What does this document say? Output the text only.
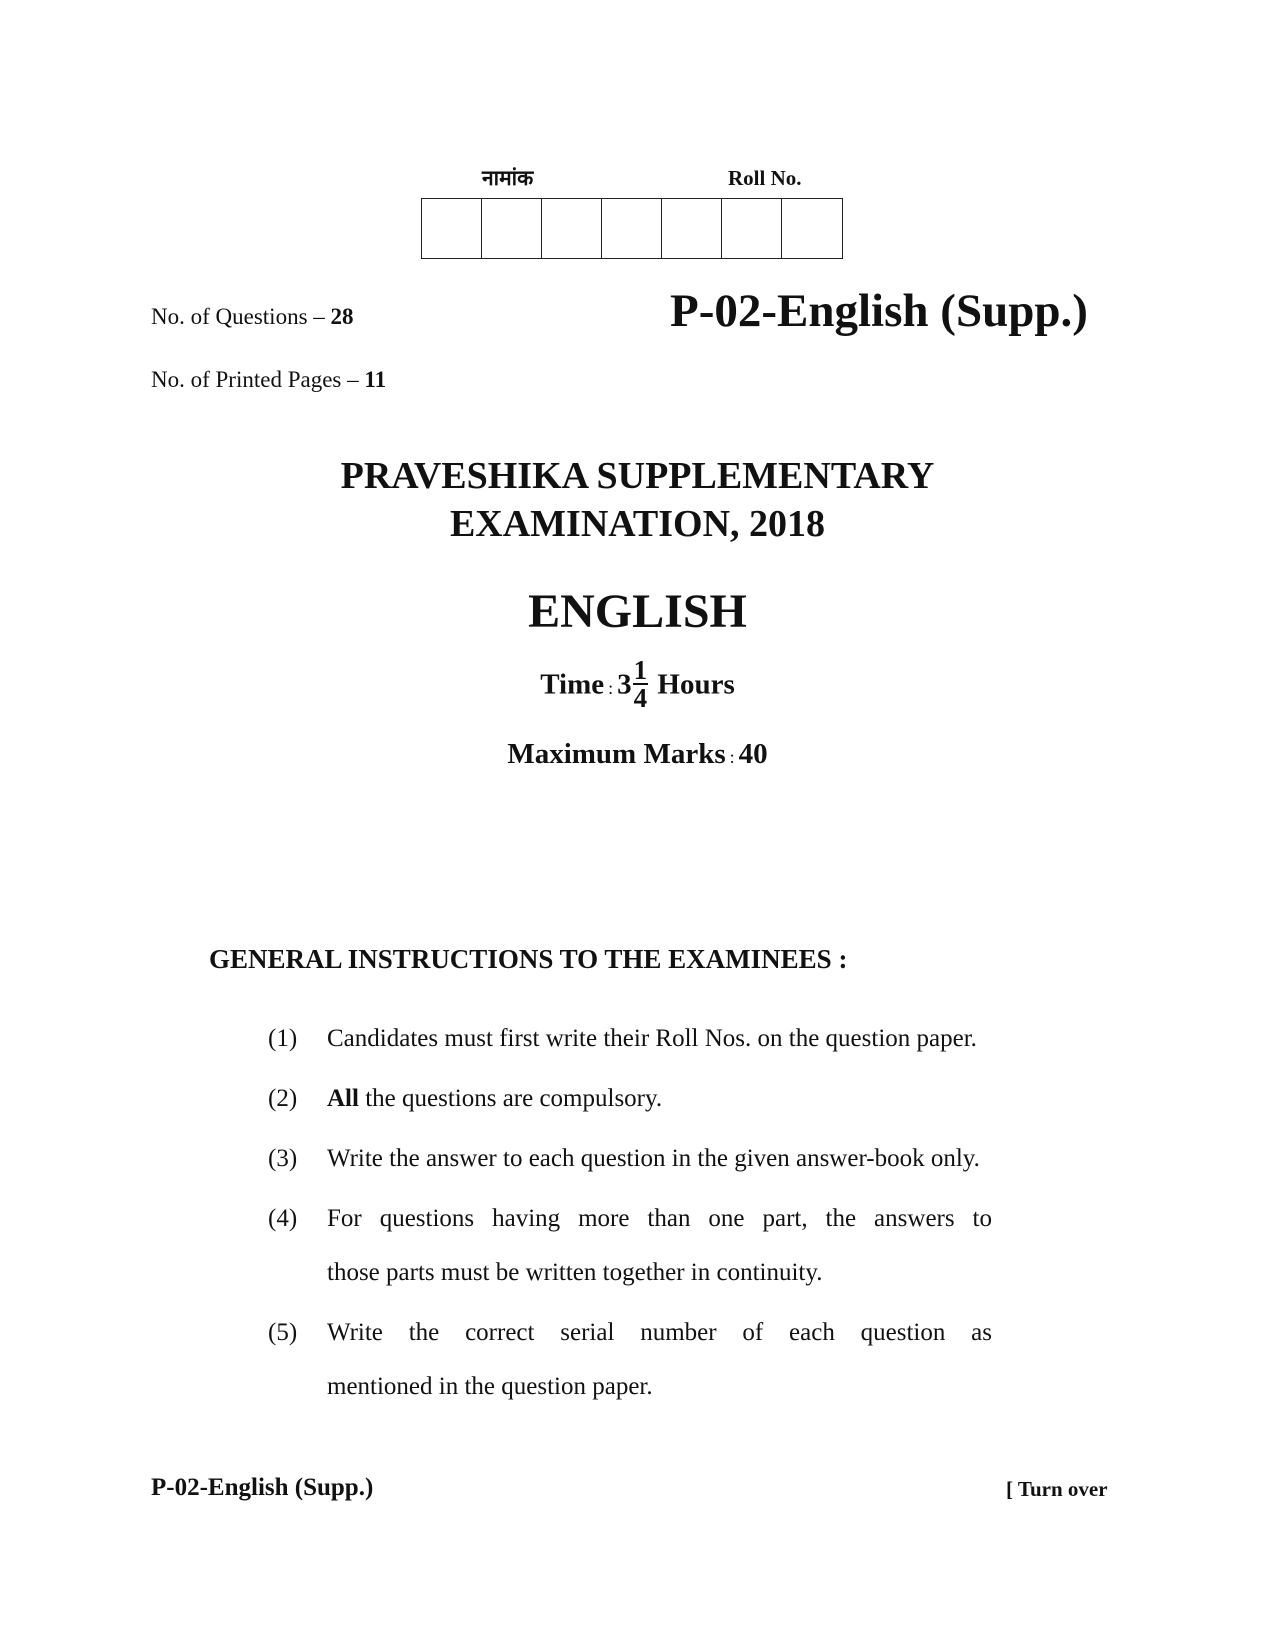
नामांक	Roll No.
No. of Questions – 28	P-02-English (Supp.)
No. of Printed Pages – 11
PRAVESHIKA SUPPLEMENTARY
EXAMINATION, 2018
ENGLISH
Time : $3 \frac{1}{4}$ Hours
Maximum Marks : 40
GENERAL INSTRUCTIONS TO THE EXAMINEES :
(1)	Candidates must first write their Roll Nos. on the question paper.
(2)	All the questions are compulsory.
(3)	Write the answer to each question in the given answer-book only.
(4)	For questions having more than one part, the answers to
those parts must be written together in continuity.
(5)	Write the correct serial number of each question as
mentioned in the question paper.
P-02-English (Supp.)	[ Turn over
